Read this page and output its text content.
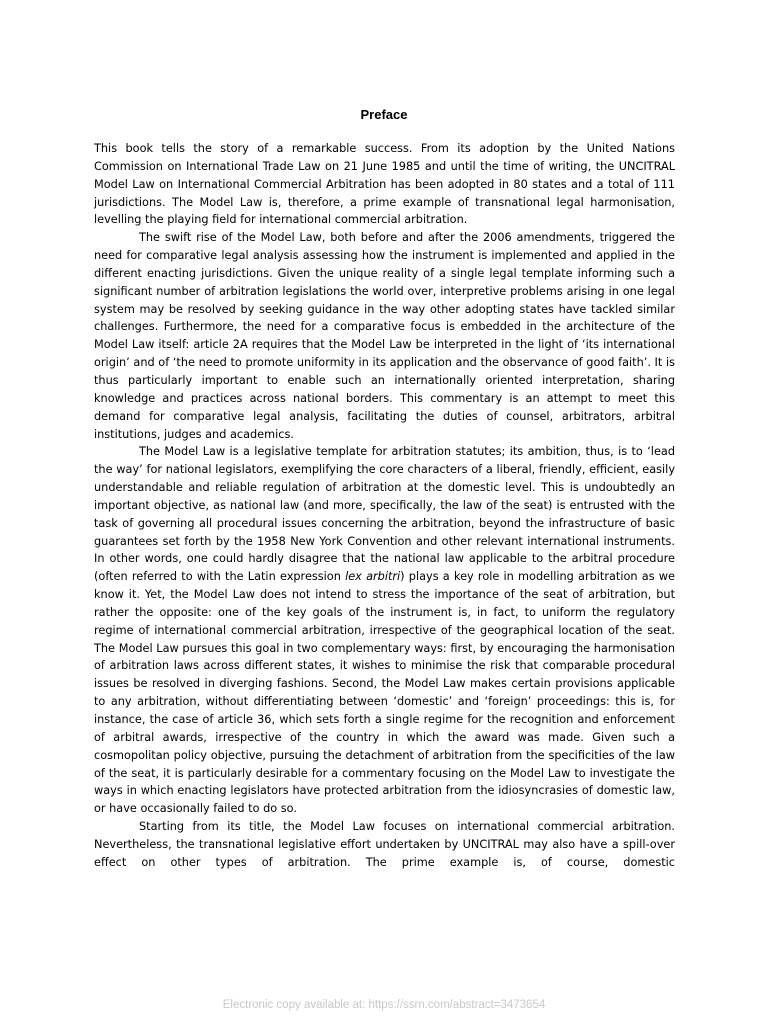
Preface

This book tells the story of a remarkable success. From its adoption by the United Nations Commission on International Trade Law on 21 June 1985 and until the time of writing, the UNCITRAL Model Law on International Commercial Arbitration has been adopted in 80 states and a total of 111 jurisdictions. The Model Law is, therefore, a prime example of transnational legal harmonisation, levelling the playing field for international commercial arbitration.

The swift rise of the Model Law, both before and after the 2006 amendments, triggered the need for comparative legal analysis assessing how the instrument is implemented and applied in the different enacting jurisdictions. Given the unique reality of a single legal template informing such a significant number of arbitration legislations the world over, interpretive problems arising in one legal system may be resolved by seeking guidance in the way other adopting states have tackled similar challenges. Furthermore, the need for a comparative focus is embedded in the architecture of the Model Law itself: article 2A requires that the Model Law be interpreted in the light of ‘its international origin’ and of ‘the need to promote uniformity in its application and the observance of good faith’. It is thus particularly important to enable such an internationally oriented interpretation, sharing knowledge and practices across national borders. This commentary is an attempt to meet this demand for comparative legal analysis, facilitating the duties of counsel, arbitrators, arbitral institutions, judges and academics.

The Model Law is a legislative template for arbitration statutes; its ambition, thus, is to ‘lead the way’ for national legislators, exemplifying the core characters of a liberal, friendly, efficient, easily understandable and reliable regulation of arbitration at the domestic level. This is undoubtedly an important objective, as national law (and more, specifically, the law of the seat) is entrusted with the task of governing all procedural issues concerning the arbitration, beyond the infrastructure of basic guarantees set forth by the 1958 New York Convention and other relevant international instruments. In other words, one could hardly disagree that the national law applicable to the arbitral procedure (often referred to with the Latin expression lex arbitri) plays a key role in modelling arbitration as we know it. Yet, the Model Law does not intend to stress the importance of the seat of arbitration, but rather the opposite: one of the key goals of the instrument is, in fact, to uniform the regulatory regime of international commercial arbitration, irrespective of the geographical location of the seat. The Model Law pursues this goal in two complementary ways: first, by encouraging the harmonisation of arbitration laws across different states, it wishes to minimise the risk that comparable procedural issues be resolved in diverging fashions. Second, the Model Law makes certain provisions applicable to any arbitration, without differentiating between ‘domestic’ and ‘foreign’ proceedings: this is, for instance, the case of article 36, which sets forth a single regime for the recognition and enforcement of arbitral awards, irrespective of the country in which the award was made. Given such a cosmopolitan policy objective, pursuing the detachment of arbitration from the specificities of the law of the seat, it is particularly desirable for a commentary focusing on the Model Law to investigate the ways in which enacting legislators have protected arbitration from the idiosyncrasies of domestic law, or have occasionally failed to do so.

Starting from its title, the Model Law focuses on international commercial arbitration. Nevertheless, the transnational legislative effort undertaken by UNCITRAL may also have a spill-over effect on other types of arbitration. The prime example is, of course, domestic

Electronic copy available at: https://ssrn.com/abstract=3473654
